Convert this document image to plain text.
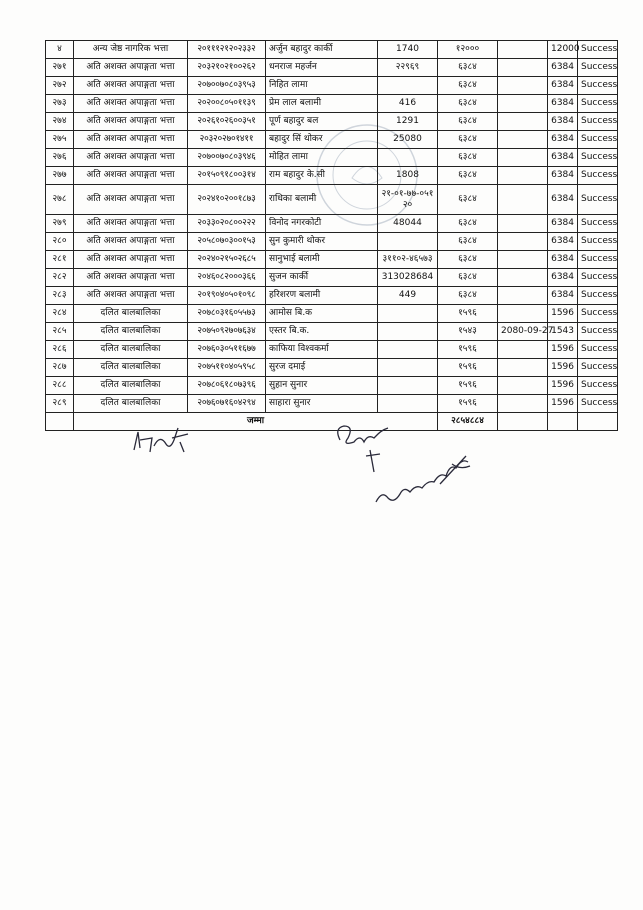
४	अन्य जेष्ठ नागरिक भत्ता	२०१११२१२०२३३२	अर्जुन बहादुर कार्की	1740	१२०००		12000	Success
२७१	अति अशक्त अपाङ्गता भत्ता	२०३२१०२१००२६२	धनराज महर्जन	२२९६९	६३८४		6384	Success
२७२	अति अशक्त अपाङ्गता भत्ता	२०७००७०८०३९५३	निहित लामा		६३८४		6384	Success
२७३	अति अशक्त अपाङ्गता भत्ता	२०२००८०५०११३९	प्रेम लाल बलामी	416	६३८४		6384	Success
२७४	अति अशक्त अपाङ्गता भत्ता	२०२६१०२६००३५१	पूर्ण बहादुर बल	1291	६३८४		6384	Success
२७५	अति अशक्त अपाङ्गता भत्ता	२०३२०२७०१४११	बहादुर सिं थोकर	25080	६३८४		6384	Success
२७६	अति अशक्त अपाङ्गता भत्ता	२०७००७०८०३९४६	मोहित लामा		६३८४		6384	Success
२७७	अति अशक्त अपाङ्गता भत्ता	२०१५०९१८००३१४	राम बहादुर के.सी	1808	६३८४		6384	Success
२७८	अति अशक्त अपाङ्गता भत्ता	२०२४१०२००१८७३	राधिका बलामी	२१-०१-७७-०५१२०	६३८४		6384	Success
२७९	अति अशक्त अपाङ्गता भत्ता	२०३३०२०८००२२२	विनोद नगरकोटी	48044	६३८४		6384	Success
२८०	अति अशक्त अपाङ्गता भत्ता	२०५८०७०३००१५३	सुन कुमारी थोकर		६३८४		6384	Success
२८१	अति अशक्त अपाङ्गता भत्ता	२०२४०२१५०२६८५	सानुभाई बलामी	३११०२-४६५७३	६३८४		6384	Success
२८२	अति अशक्त अपाङ्गता भत्ता	२०४६०८२०००३६६	सुजन कार्की	313028684	६३८४		6384	Success
२८३	अति अशक्त अपाङ्गता भत्ता	२०१९०४०५०१०९८	हरिशरण बलामी	449	६३८४		6384	Success
२८४	दलित बालबालिका	२०७८०३१६०५५७३	आमोस बि.क		१५९६		1596	Success
२८५	दलित बालबालिका	२०७५०९२७०७६३४	एस्तर बि.क.		१५४३	2080-09-27	1543	Success
२८६	दलित बालबालिका	२०७६०३०५११६७७	काफिया विश्वकर्मा		१५९६		1596	Success
२८७	दलित बालबालिका	२०७५११०४०५९५८	सुरज दमाई		१५९६		1596	Success
२८८	दलित बालबालिका	२०७८०६१८०७३९६	सुहान सुनार		१५९६		1596	Success
२८९	दलित बालबालिका	२०७६०७१६०४२९४	साहारा सुनार		१५९६		1596	Success
	जम्मा				२८५४८८४			
